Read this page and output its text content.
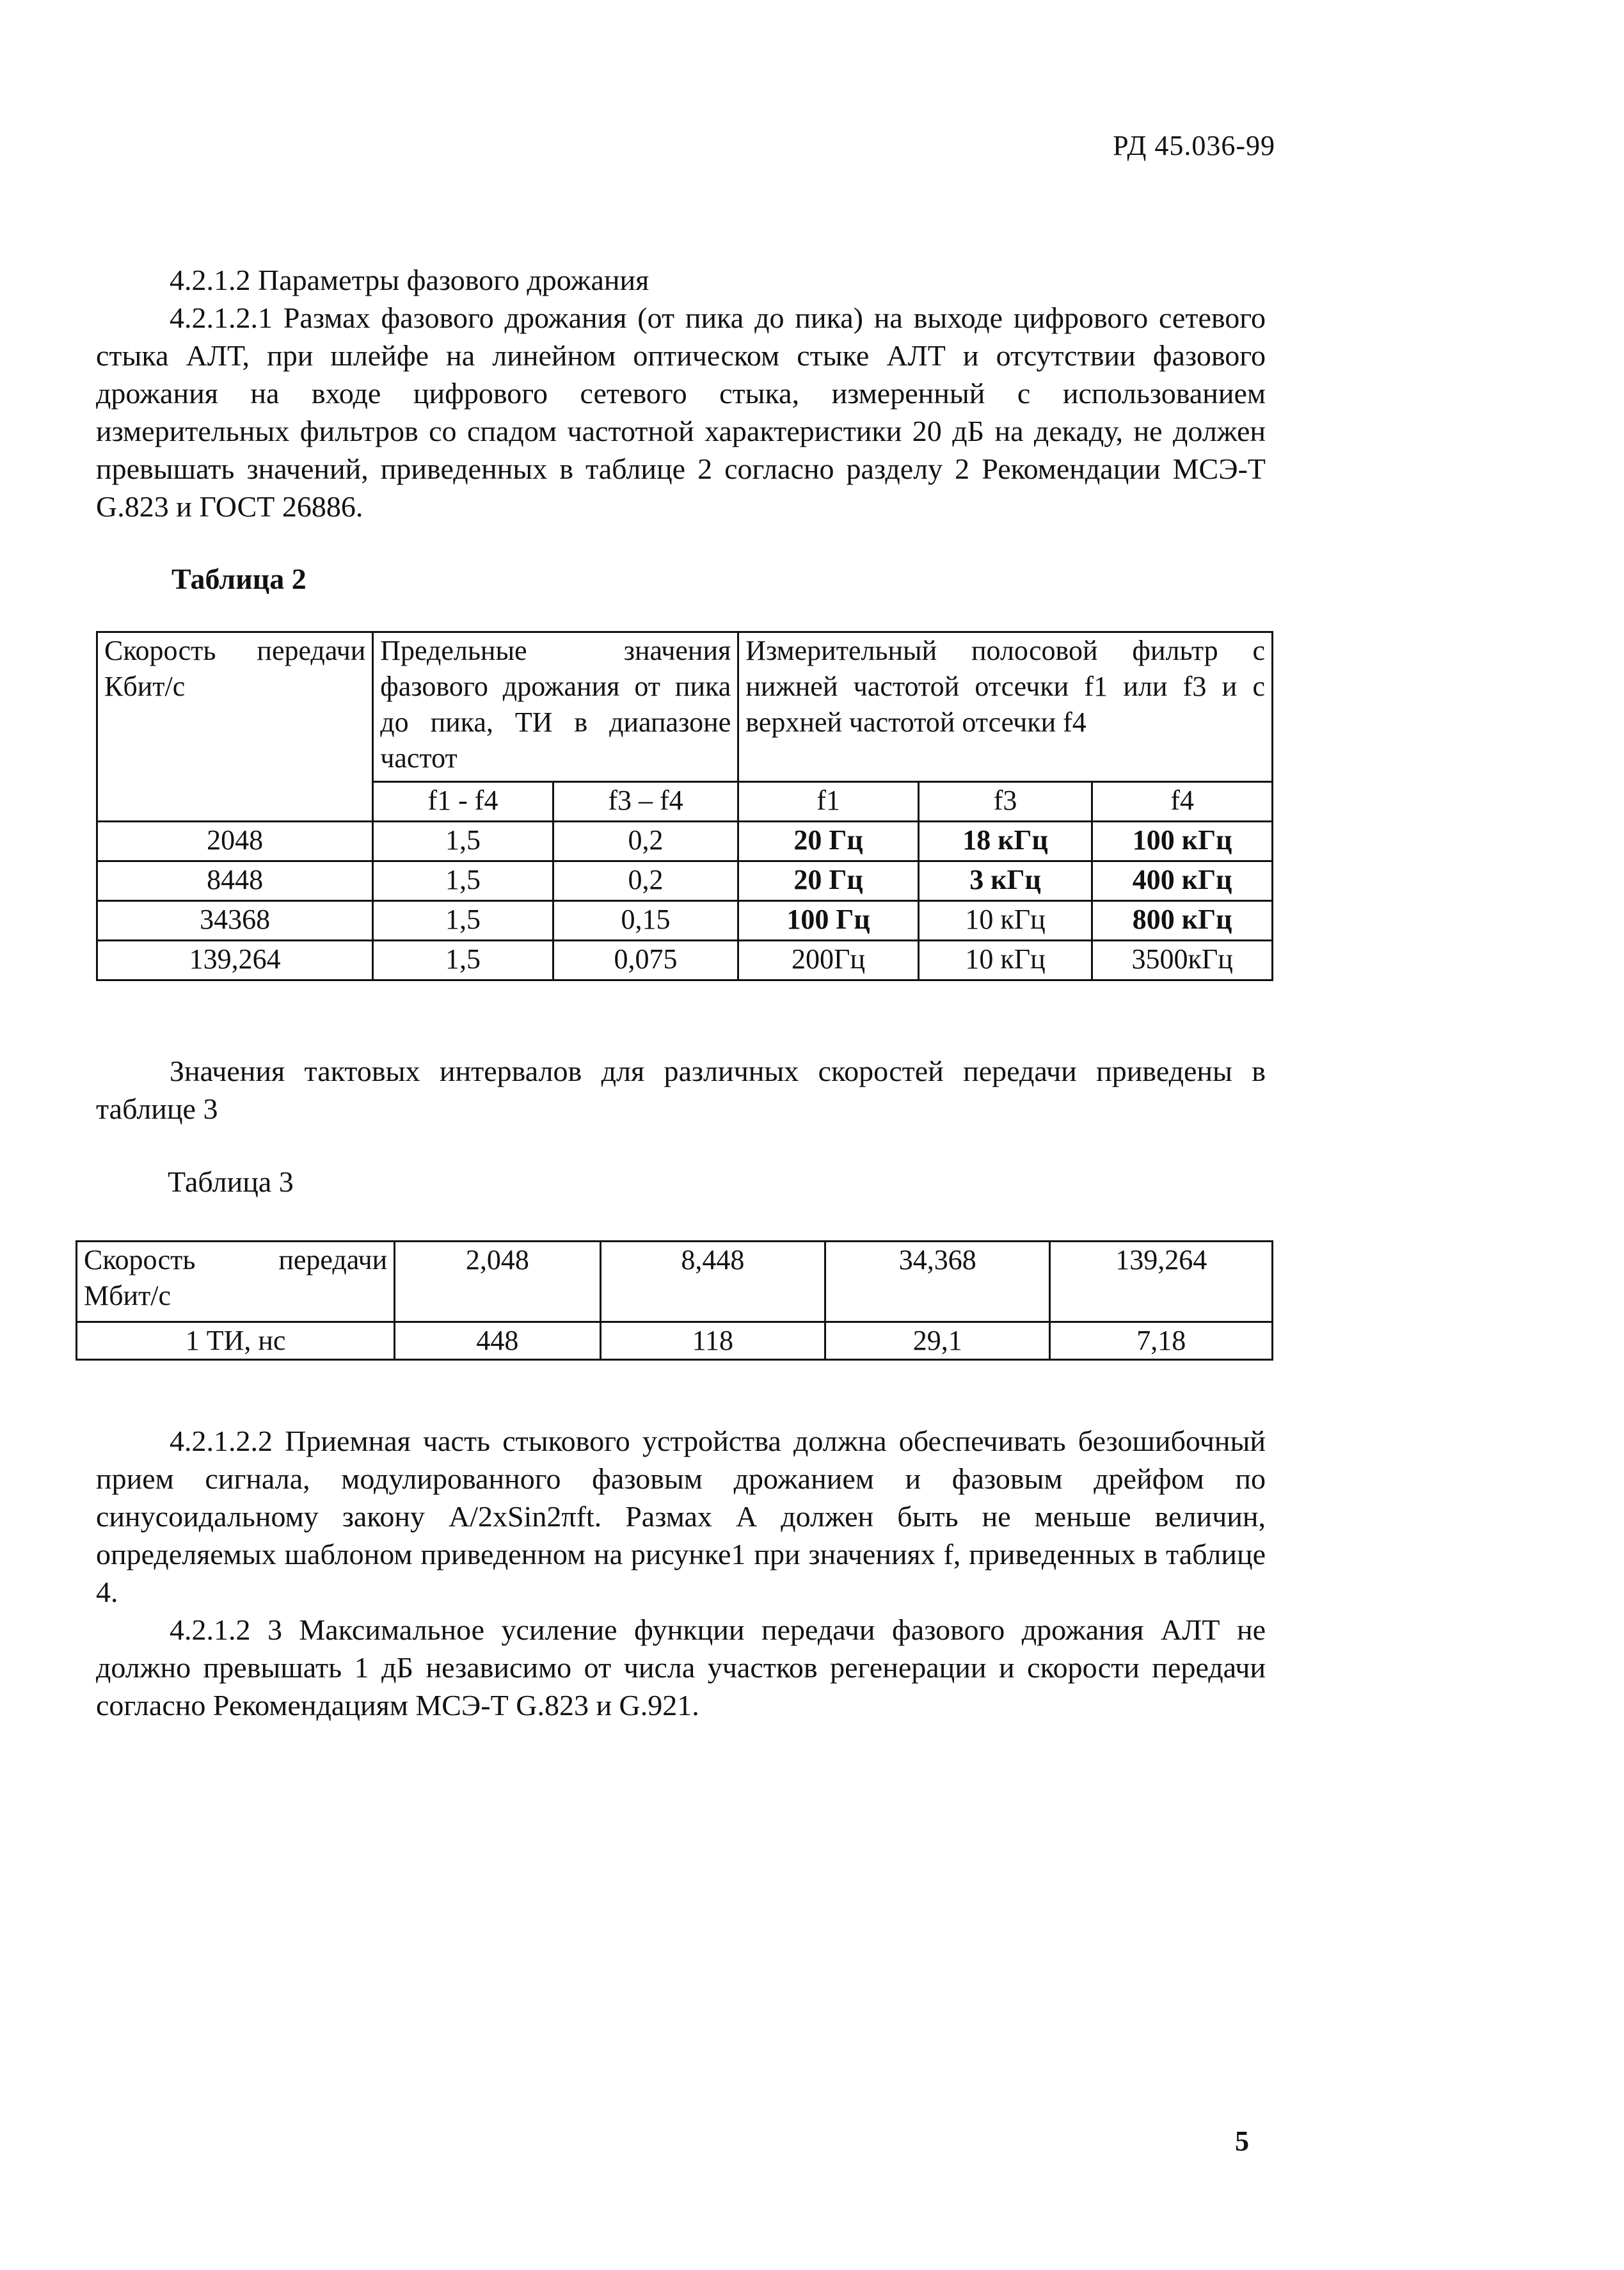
РД 45.036-99
4.2.1.2 Параметры фазового дрожания
4.2.1.2.1 Размах фазового дрожания (от пика до пика) на выходе цифрового сетевого стыка АЛТ, при шлейфе на линейном оптическом стыке АЛТ и отсутствии фазового дрожания на входе цифрового сетевого стыка, измеренный с использованием измерительных фильтров со спадом частотной характеристики 20 дБ на декаду, не должен превышать значений, приведенных в таблице 2 согласно разделу 2 Рекомендации МСЭ-Т G.823 и ГОСТ 26886.
Таблица 2
Скорость передачи Кбит/с	Предельные значения фазового дрожания от пика до пика, ТИ в диапазоне частот		Измерительный полосовой фильтр с нижней частотой отсечки f1 или f3 и с верхней частотой отсечки f4		
	f1 - f4	f3 – f4	f1	f3	f4
2048	1,5	0,2	20 Гц	18 кГц	100 кГц
8448	1,5	0,2	20 Гц	3 кГц	400 кГц
34368	1,5	0,15	100 Гц	10 кГц	800 кГц
139,264	1,5	0,075	200Гц	10 кГц	3500кГц
Значения тактовых интервалов для различных скоростей передачи приведены в таблице 3
Таблица 3
Скорость передачи Мбит/с	2,048	8,448	34,368	139,264
1 ТИ, нс	448	118	29,1	7,18
4.2.1.2.2 Приемная часть стыкового устройства должна обеспечивать безошибочный прием сигнала, модулированного фазовым дрожанием и фазовым дрейфом по синусоидальному закону А/2xSin2πft. Размах А должен быть не меньше величин, определяемых шаблоном приведенном на рисунке1 при значениях f, приведенных в таблице 4.
4.2.1.2 3 Максимальное усиление функции передачи фазового дрожания АЛТ не должно превышать 1 дБ независимо от числа участков регенерации и скорости передачи согласно Рекомендациям МСЭ-Т G.823 и G.921.
5
